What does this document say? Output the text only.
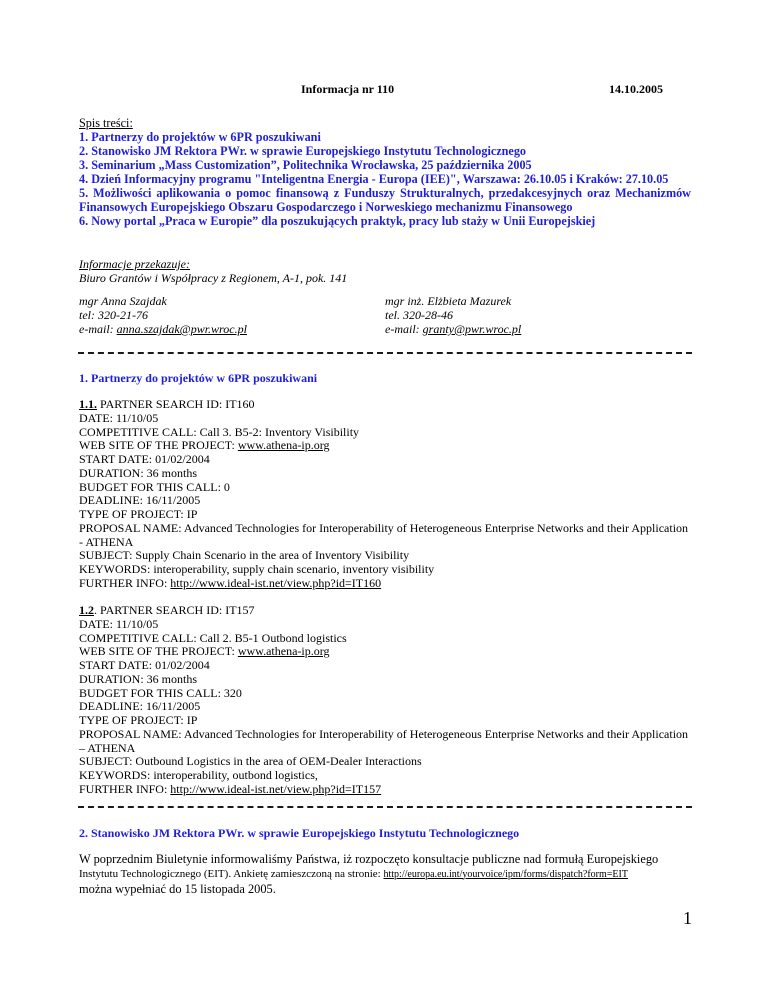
Informacja nr 110	14.10.2005
Spis treści:
1. Partnerzy do projektów w 6PR poszukiwani
2. Stanowisko JM Rektora PWr. w sprawie Europejskiego Instytutu Technologicznego
3. Seminarium „Mass Customization”, Politechnika Wrocławska, 25 października 2005
4. Dzień Informacyjny programu "Inteligentna Energia - Europa (IEE)", Warszawa: 26.10.05 i Kraków: 27.10.05
5. Możliwości aplikowania o pomoc finansową z Funduszy Strukturalnych, przedakcesyjnych oraz Mechanizmów Finansowych Europejskiego Obszaru Gospodarczego i Norweskiego mechanizmu Finansowego
6. Nowy portal „Praca w Europie” dla poszukujących praktyk, pracy lub staży w Unii Europejskiej
Informacje przekazuje:
Biuro Grantów i Współpracy z Regionem, A-1, pok. 141
mgr Anna Szajdak
tel: 320-21-76
e-mail: anna.szajdak@pwr.wroc.pl
mgr inż. Elżbieta Mazurek
tel. 320-28-46
e-mail: granty@pwr.wroc.pl
1. Partnerzy do projektów w 6PR poszukiwani
1.1. PARTNER SEARCH ID: IT160
DATE: 11/10/05
COMPETITIVE CALL: Call 3. B5-2: Inventory Visibility
WEB SITE OF THE PROJECT: www.athena-ip.org
START DATE: 01/02/2004
DURATION: 36 months
BUDGET FOR THIS CALL: 0
DEADLINE: 16/11/2005
TYPE OF PROJECT: IP
PROPOSAL NAME: Advanced Technologies for Interoperability of Heterogeneous Enterprise Networks and their Application - ATHENA
SUBJECT: Supply Chain Scenario in the area of Inventory Visibility
KEYWORDS: interoperability, supply chain scenario, inventory visibility
FURTHER INFO: http://www.ideal-ist.net/view.php?id=IT160
1.2. PARTNER SEARCH ID: IT157
DATE: 11/10/05
COMPETITIVE CALL: Call 2. B5-1 Outbond logistics
WEB SITE OF THE PROJECT: www.athena-ip.org
START DATE: 01/02/2004
DURATION: 36 months
BUDGET FOR THIS CALL: 320
DEADLINE: 16/11/2005
TYPE OF PROJECT: IP
PROPOSAL NAME: Advanced Technologies for Interoperability of Heterogeneous Enterprise Networks and their Application – ATHENA
SUBJECT: Outbound Logistics in the area of OEM-Dealer Interactions
KEYWORDS: interoperability, outbond logistics,
FURTHER INFO: http://www.ideal-ist.net/view.php?id=IT157
2. Stanowisko JM Rektora PWr. w sprawie Europejskiego Instytutu Technologicznego
W poprzednim Biuletynie informowaliśmy Państwa, iż rozpoczęto konsultacje publiczne nad formułą Europejskiego
Instytutu Technologicznego (EIT). Ankietę zamieszczoną na stronie: http://europa.eu.int/yourvoice/ipm/forms/dispatch?form=EIT
można wypełniać do 15 listopada 2005.
1
